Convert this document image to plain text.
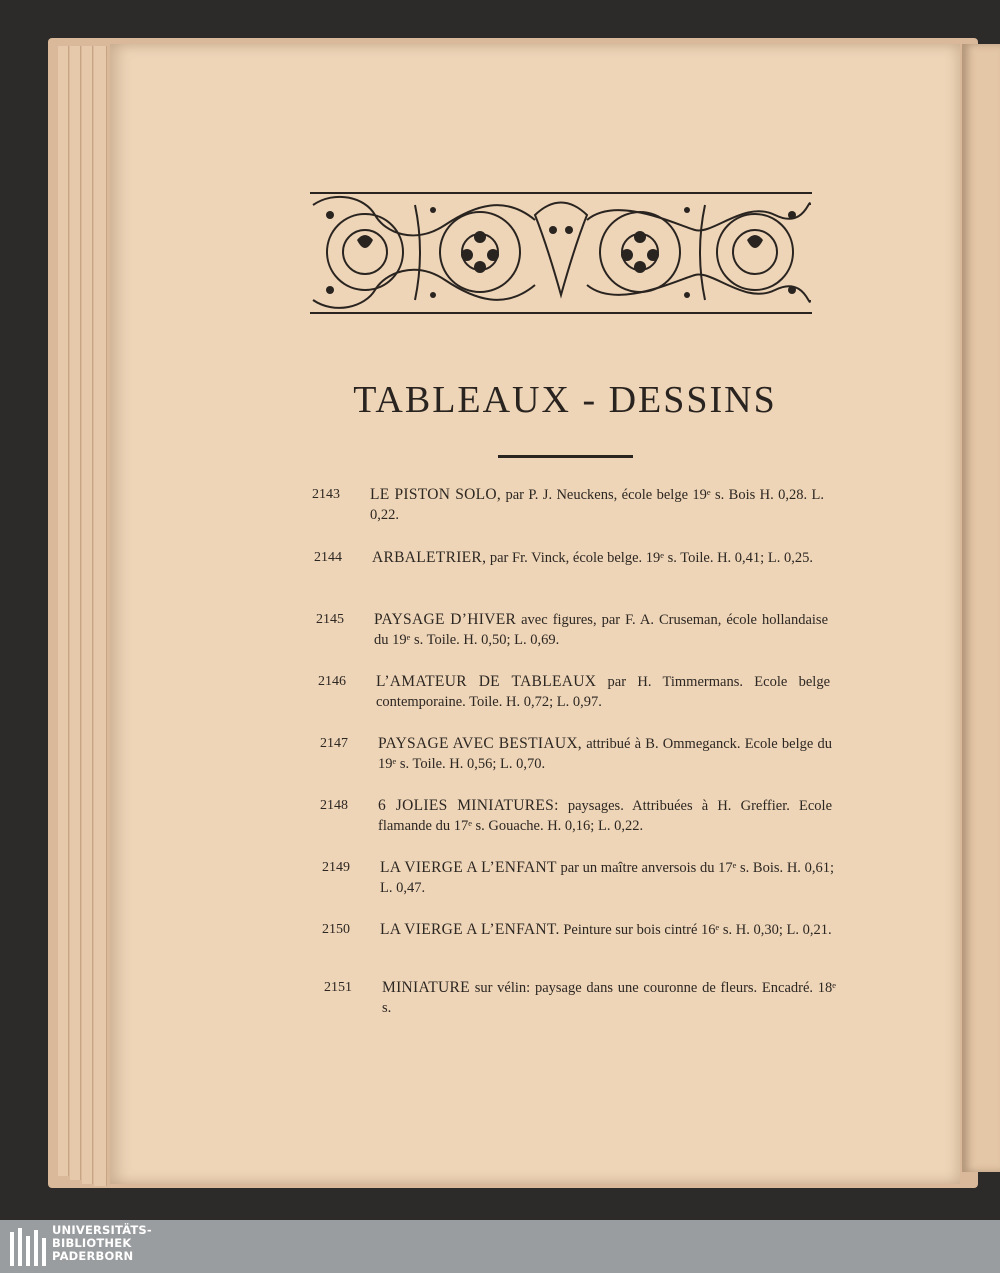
TABLEAUX - DESSINS
2143	LE PISTON SOLO, par P. J. Neuckens, école belge 19ᵉ s. Bois H. 0,28. L. 0,22.
2144	ARBALETRIER, par Fr. Vinck, école belge. 19ᵉ s. Toile. H. 0,41; L. 0,25.
2145	PAYSAGE D’HIVER avec figures, par F. A. Cruseman, école hollandaise du 19ᵉ s. Toile. H. 0,50; L. 0,69.
2146	L’AMATEUR DE TABLEAUX par H. Timmermans. Ecole belge contemporaine. Toile. H. 0,72; L. 0,97.
2147	PAYSAGE AVEC BESTIAUX, attribué à B. Ommeganck. Ecole belge du 19ᵉ s. Toile. H. 0,56; L. 0,70.
2148	6 JOLIES MINIATURES: paysages. Attribuées à H. Greffier. Ecole flamande du 17ᵉ s. Gouache. H. 0,16; L. 0,22.
2149	LA VIERGE A L’ENFANT par un maître anversois du 17ᵉ s. Bois. H. 0,61; L. 0,47.
2150	LA VIERGE A L’ENFANT. Peinture sur bois cintré 16ᵉ s. H. 0,30; L. 0,21.
2151	MINIATURE sur vélin: paysage dans une couronne de fleurs. Encadré. 18ᵉ s.
UNIVERSITÄTS-
BIBLIOTHEK
PADERBORN
